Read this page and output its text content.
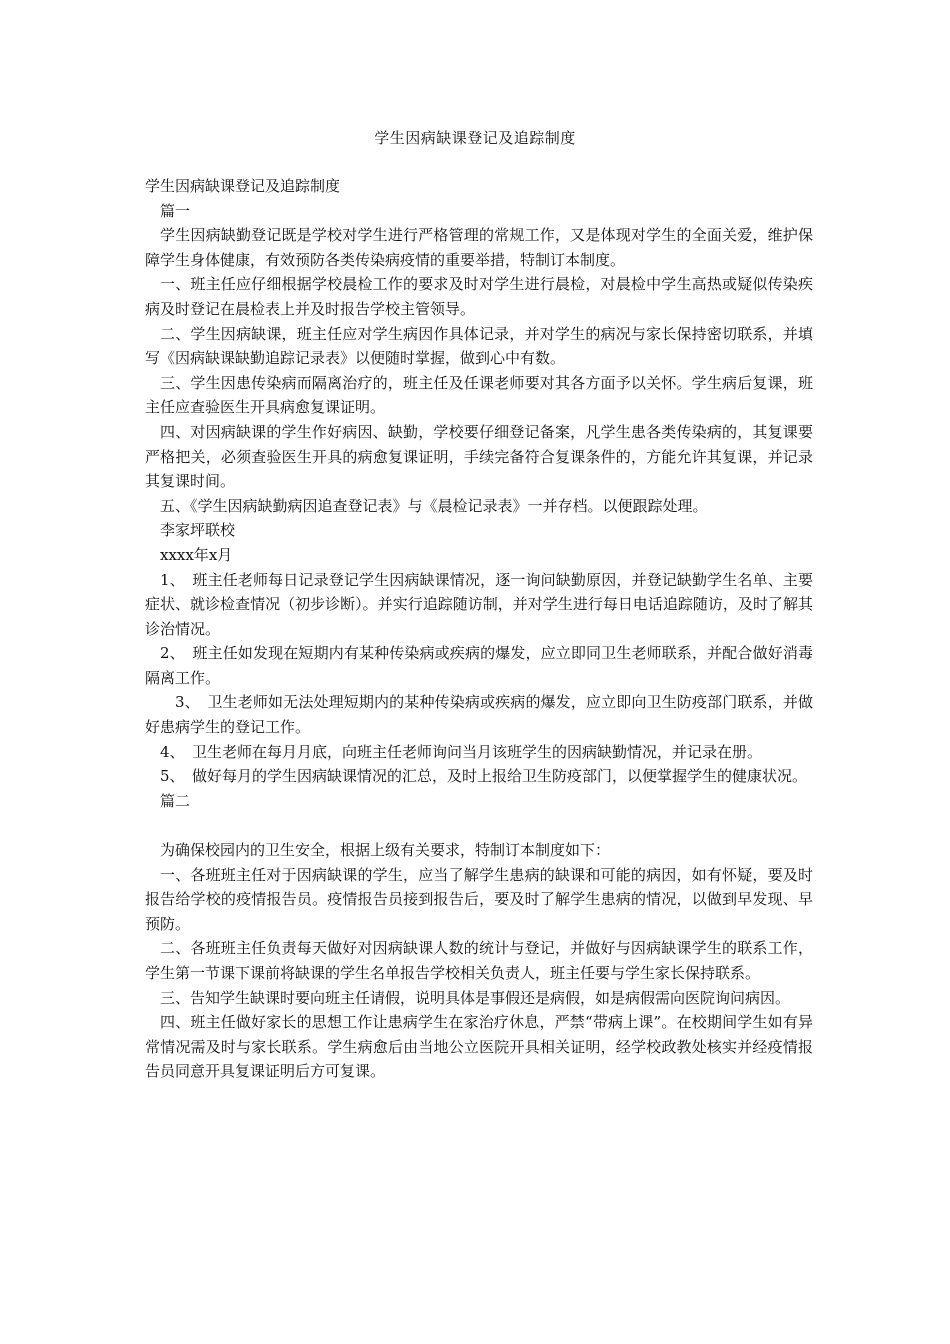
学生因病缺课登记及追踪制度

学生因病缺课登记及追踪制度

篇一

学生因病缺勤登记既是学校对学生进行严格管理的常规工作，又是体现对学生的全面关爱，维护保障学生身体健康，有效预防各类传染病疫情的重要举措，特制订本制度。

一、班主任应仔细根据学校晨检工作的要求及时对学生进行晨检，对晨检中学生高热或疑似传染疾病及时登记在晨检表上并及时报告学校主管领导。

二、学生因病缺课，班主任应对学生病因作具体记录，并对学生的病况与家长保持密切联系，并填写《因病缺课缺勤追踪记录表》以便随时掌握，做到心中有数。

三、学生因患传染病而隔离治疗的，班主任及任课老师要对其各方面予以关怀。学生病后复课，班主任应查验医生开具病愈复课证明。

四、对因病缺课的学生作好病因、缺勤，学校要仔细登记备案，凡学生患各类传染病的，其复课要严格把关，必须查验医生开具的病愈复课证明，手续完备符合复课条件的，方能允许其复课，并记录其复课时间。

五、《学生因病缺勤病因追查登记表》与《晨检记录表》一并存档。以便跟踪处理。

李家坪联校

xxxx年x月

1、　班主任老师每日记录登记学生因病缺课情况，逐一询问缺勤原因，并登记缺勤学生名单、主要症状、就诊检查情况（初步诊断）。并实行追踪随访制，并对学生进行每日电话追踪随访，及时了解其诊治情况。

2、　班主任如发现在短期内有某种传染病或疾病的爆发，应立即同卫生老师联系，并配合做好消毒隔离工作。

3、　卫生老师如无法处理短期内的某种传染病或疾病的爆发，应立即向卫生防疫部门联系，并做好患病学生的登记工作。

4、　卫生老师在每月月底，向班主任老师询问当月该班学生的因病缺勤情况，并记录在册。

5、　做好每月的学生因病缺课情况的汇总，及时上报给卫生防疫部门，以便掌握学生的健康状况。

篇二

为确保校园内的卫生安全，根据上级有关要求，特制订本制度如下：

一、各班班主任对于因病缺课的学生，应当了解学生患病的缺课和可能的病因，如有怀疑，要及时报告给学校的疫情报告员。疫情报告员接到报告后，要及时了解学生患病的情况，以做到早发现、早预防。

二、各班班主任负责每天做好对因病缺课人数的统计与登记，并做好与因病缺课学生的联系工作，学生第一节课下课前将缺课的学生名单报告学校相关负责人，班主任要与学生家长保持联系。

三、告知学生缺课时要向班主任请假，说明具体是事假还是病假，如是病假需向医院询问病因。

四、班主任做好家长的思想工作让患病学生在家治疗休息，严禁“带病上课”。在校期间学生如有异常情况需及时与家长联系。学生病愈后由当地公立医院开具相关证明，经学校政教处核实并经疫情报告员同意开具复课证明后方可复课。
